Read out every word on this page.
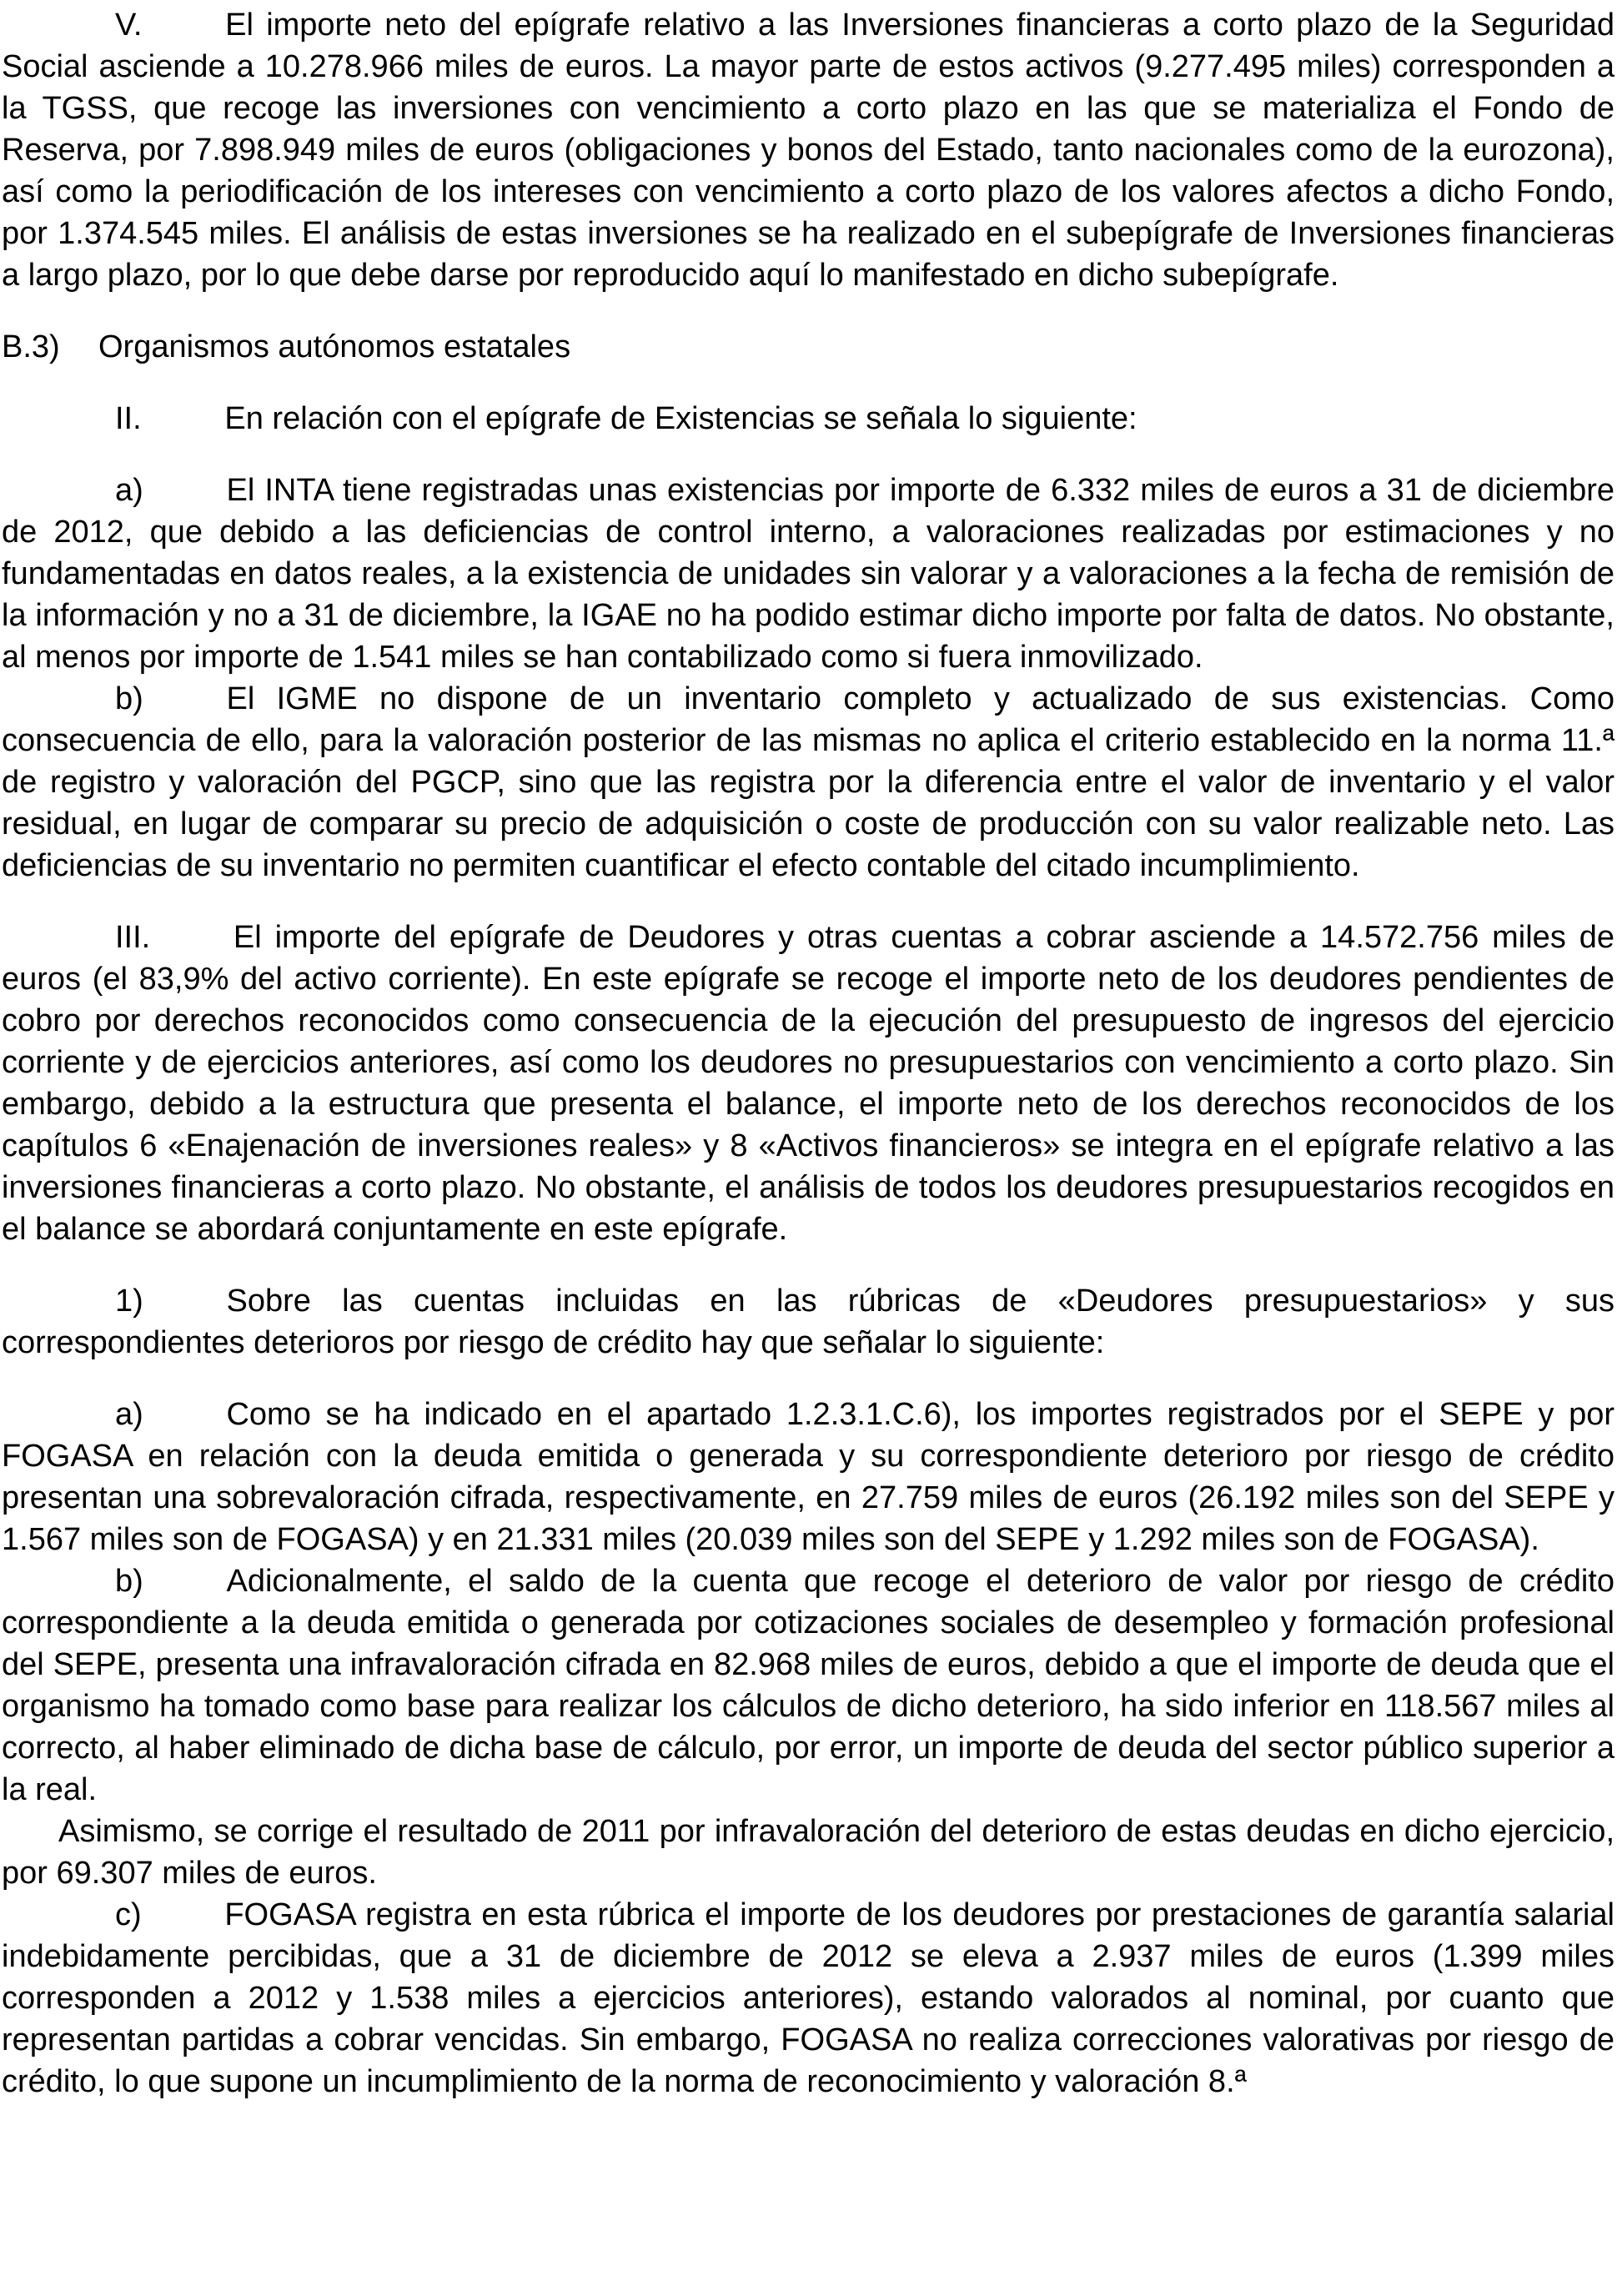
V.	El importe neto del epígrafe relativo a las Inversiones financieras a corto plazo de la Seguridad Social asciende a 10.278.966 miles de euros. La mayor parte de estos activos (9.277.495 miles) corresponden a la TGSS, que recoge las inversiones con vencimiento a corto plazo en las que se materializa el Fondo de Reserva, por 7.898.949 miles de euros (obligaciones y bonos del Estado, tanto nacionales como de la eurozona), así como la periodificación de los intereses con vencimiento a corto plazo de los valores afectos a dicho Fondo, por 1.374.545 miles. El análisis de estas inversiones se ha realizado en el subepígrafe de Inversiones financieras a largo plazo, por lo que debe darse por reproducido aquí lo manifestado en dicho subepígrafe.

B.3) Organismos autónomos estatales

II.	En relación con el epígrafe de Existencias se señala lo siguiente:

a)	El INTA tiene registradas unas existencias por importe de 6.332 miles de euros a 31 de diciembre de 2012, que debido a las deficiencias de control interno, a valoraciones realizadas por estimaciones y no fundamentadas en datos reales, a la existencia de unidades sin valorar y a valoraciones a la fecha de remisión de la información y no a 31 de diciembre, la IGAE no ha podido estimar dicho importe por falta de datos. No obstante, al menos por importe de 1.541 miles se han contabilizado como si fuera inmovilizado.

b)	El IGME no dispone de un inventario completo y actualizado de sus existencias. Como consecuencia de ello, para la valoración posterior de las mismas no aplica el criterio establecido en la norma 11.ª de registro y valoración del PGCP, sino que las registra por la diferencia entre el valor de inventario y el valor residual, en lugar de comparar su precio de adquisición o coste de producción con su valor realizable neto. Las deficiencias de su inventario no permiten cuantificar el efecto contable del citado incumplimiento.

III.	El importe del epígrafe de Deudores y otras cuentas a cobrar asciende a 14.572.756 miles de euros (el 83,9% del activo corriente). En este epígrafe se recoge el importe neto de los deudores pendientes de cobro por derechos reconocidos como consecuencia de la ejecución del presupuesto de ingresos del ejercicio corriente y de ejercicios anteriores, así como los deudores no presupuestarios con vencimiento a corto plazo. Sin embargo, debido a la estructura que presenta el balance, el importe neto de los derechos reconocidos de los capítulos 6 «Enajenación de inversiones reales» y 8 «Activos financieros» se integra en el epígrafe relativo a las inversiones financieras a corto plazo. No obstante, el análisis de todos los deudores presupuestarios recogidos en el balance se abordará conjuntamente en este epígrafe.

1)	Sobre las cuentas incluidas en las rúbricas de «Deudores presupuestarios» y sus correspondientes deterioros por riesgo de crédito hay que señalar lo siguiente:

a)	Como se ha indicado en el apartado 1.2.3.1.C.6), los importes registrados por el SEPE y por FOGASA en relación con la deuda emitida o generada y su correspondiente deterioro por riesgo de crédito presentan una sobrevaloración cifrada, respectivamente, en 27.759 miles de euros (26.192 miles son del SEPE y 1.567 miles son de FOGASA) y en 21.331 miles (20.039 miles son del SEPE y 1.292 miles son de FOGASA).

b)	Adicionalmente, el saldo de la cuenta que recoge el deterioro de valor por riesgo de crédito correspondiente a la deuda emitida o generada por cotizaciones sociales de desempleo y formación profesional del SEPE, presenta una infravaloración cifrada en 82.968 miles de euros, debido a que el importe de deuda que el organismo ha tomado como base para realizar los cálculos de dicho deterioro, ha sido inferior en 118.567 miles al correcto, al haber eliminado de dicha base de cálculo, por error, un importe de deuda del sector público superior a la real.

Asimismo, se corrige el resultado de 2011 por infravaloración del deterioro de estas deudas en dicho ejercicio, por 69.307 miles de euros.

c)	FOGASA registra en esta rúbrica el importe de los deudores por prestaciones de garantía salarial indebidamente percibidas, que a 31 de diciembre de 2012 se eleva a 2.937 miles de euros (1.399 miles corresponden a 2012 y 1.538 miles a ejercicios anteriores), estando valorados al nominal, por cuanto que representan partidas a cobrar vencidas. Sin embargo, FOGASA no realiza correcciones valorativas por riesgo de crédito, lo que supone un incumplimiento de la norma de reconocimiento y valoración 8.ª
